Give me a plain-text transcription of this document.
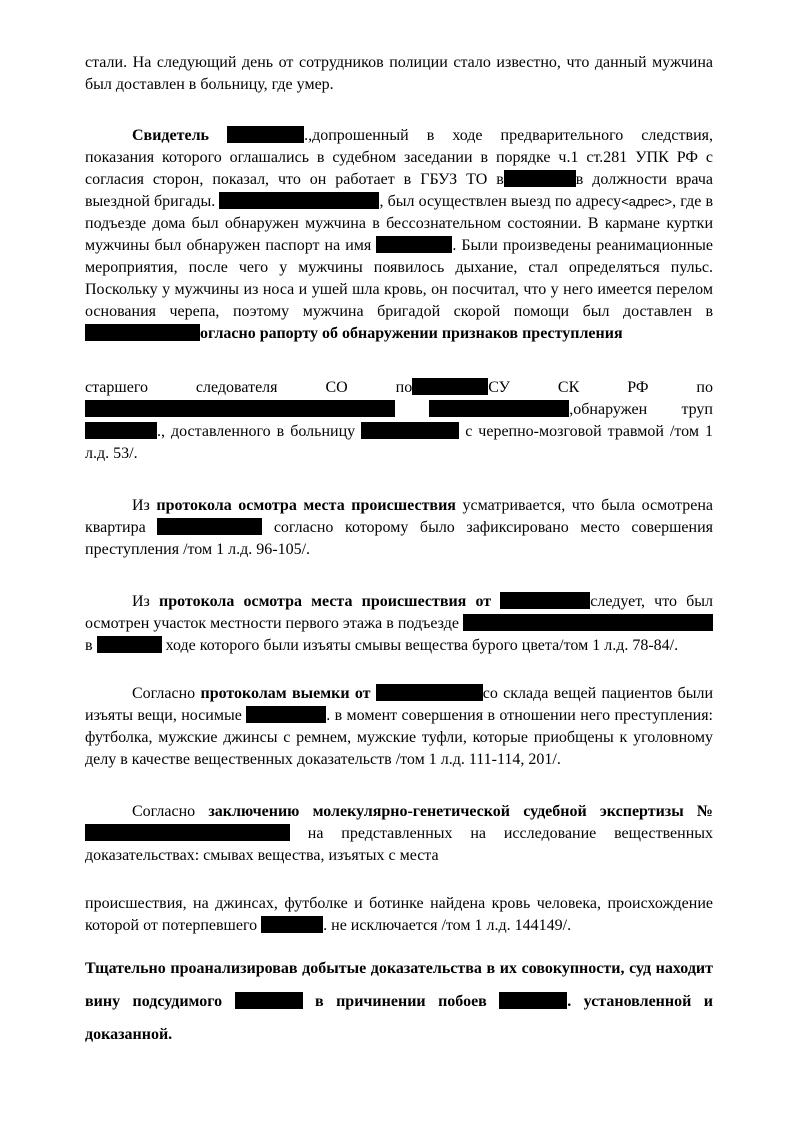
стали. На следующий день от сотрудников полиции стало известно, что данный мужчина был доставлен в больницу, где умер.

Свидетель	.,допрошенный в ходе предварительного следствия, показания которого оглашались в судебном заседании в порядке ч.1 ст.281 УПК РФ с согласия сторон, показал, что он работает в ГБУЗ ТО в	в должности врача выездной бригады.	, был осуществлен выезд по адресу<адрес>, где в подъезде дома был обнаружен мужчина в бессознательном состоянии. В кармане куртки мужчины был обнаружен паспорт на имя	. Были произведены реанимационные мероприятия, после чего у мужчины появилось дыхание, стал определяться пульс. Поскольку у мужчины из носа и ушей шла кровь, он посчитал, что у него имеется перелом основания черепа, поэтому мужчина бригадой скорой помощи был доставлен в огласно рапорту об обнаружении признаков преступления

старшего следователя СО по	СУ СК РФ по  ,обнаружен труп ., доставленного в больницу	с черепно-мозговой травмой /том 1 л.д. 53/.

Из протокола осмотра места происшествия усматривается, что была осмотрена квартира	согласно которому было зафиксировано место совершения преступления /том 1 л.д. 96-105/.

Из протокола осмотра места происшествия от	следует, что был осмотрен участок местности первого этажа в подъезде  в	ходе которого были изъяты смывы вещества бурого цвета/том 1 л.д. 78-84/.

Согласно протоколам выемки от	со склада вещей пациентов были изъяты вещи, носимые	. в момент совершения в отношении него преступления: футболка, мужские джинсы с ремнем, мужские туфли, которые приобщены к уголовному делу в качестве вещественных доказательств /том 1 л.д. 111-114, 201/.

Согласно заключению молекулярно-генетической судебной экспертизы № на представленных на исследование вещественных доказательствах: смывах вещества, изъятых с места

происшествия, на джинсах, футболке и ботинке найдена кровь человека, происхождение которой от потерпевшего	. не исключается /том 1 л.д. 144149/.

Тщательно проанализировав добытые доказательства в их совокупности, суд находит вину подсудимого	в причинении побоев	. установленной и доказанной.
